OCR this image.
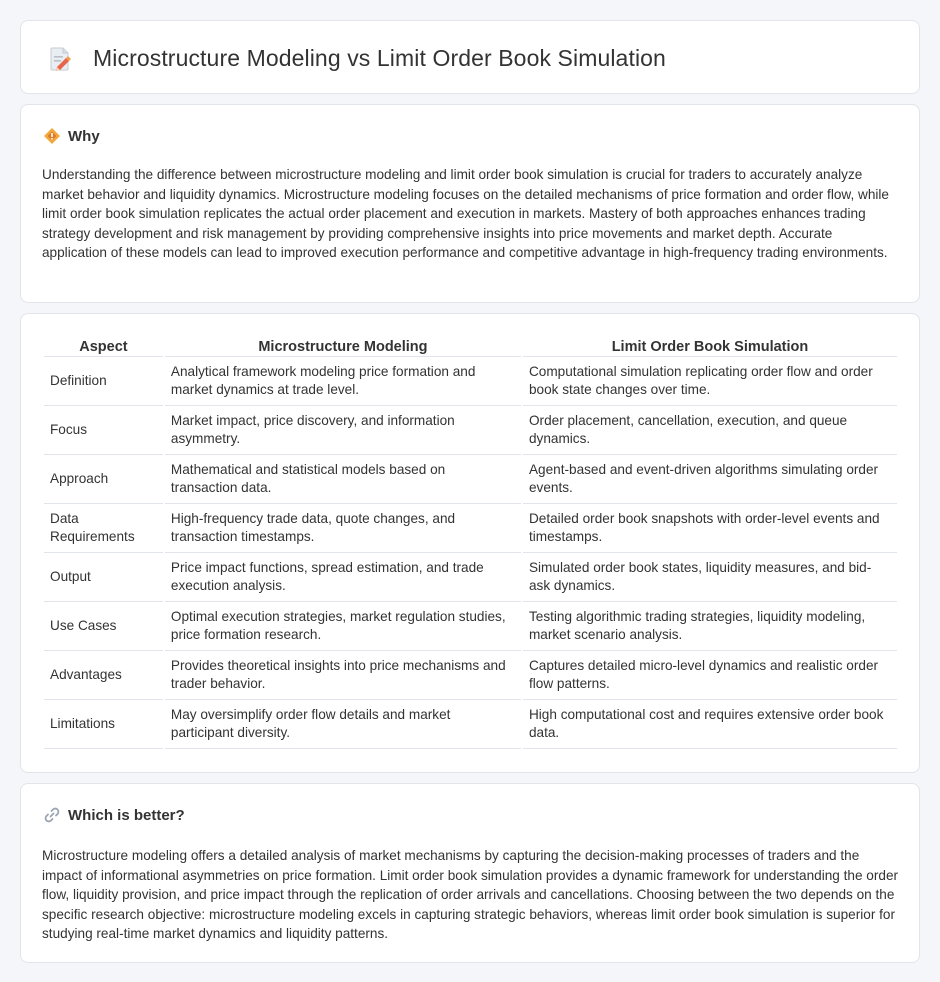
Microstructure Modeling vs Limit Order Book Simulation
Why

Understanding the difference between microstructure modeling and limit order book simulation is crucial for traders to accurately analyze market behavior and liquidity dynamics. Microstructure modeling focuses on the detailed mechanisms of price formation and order flow, while limit order book simulation replicates the actual order placement and execution in markets. Mastery of both approaches enhances trading strategy development and risk management by providing comprehensive insights into price movements and market depth. Accurate application of these models can lead to improved execution performance and competitive advantage in high-frequency trading environments.

Aspect	Microstructure Modeling	Limit Order Book Simulation
Definition	Analytical framework modeling price formation and market dynamics at trade level.	Computational simulation replicating order flow and order book state changes over time.
Focus	Market impact, price discovery, and information asymmetry.	Order placement, cancellation, execution, and queue dynamics.
Approach	Mathematical and statistical models based on transaction data.	Agent-based and event-driven algorithms simulating order events.
Data Requirements	High-frequency trade data, quote changes, and transaction timestamps.	Detailed order book snapshots with order-level events and timestamps.
Output	Price impact functions, spread estimation, and trade execution analysis.	Simulated order book states, liquidity measures, and bid-ask dynamics.
Use Cases	Optimal execution strategies, market regulation studies, price formation research.	Testing algorithmic trading strategies, liquidity modeling, market scenario analysis.
Advantages	Provides theoretical insights into price mechanisms and trader behavior.	Captures detailed micro-level dynamics and realistic order flow patterns.
Limitations	May oversimplify order flow details and market participant diversity.	High computational cost and requires extensive order book data.
Which is better?

Microstructure modeling offers a detailed analysis of market mechanisms by capturing the decision-making processes of traders and the impact of informational asymmetries on price formation. Limit order book simulation provides a dynamic framework for understanding the order flow, liquidity provision, and price impact through the replication of order arrivals and cancellations. Choosing between the two depends on the specific research objective: microstructure modeling excels in capturing strategic behaviors, whereas limit order book simulation is superior for studying real-time market dynamics and liquidity patterns.
